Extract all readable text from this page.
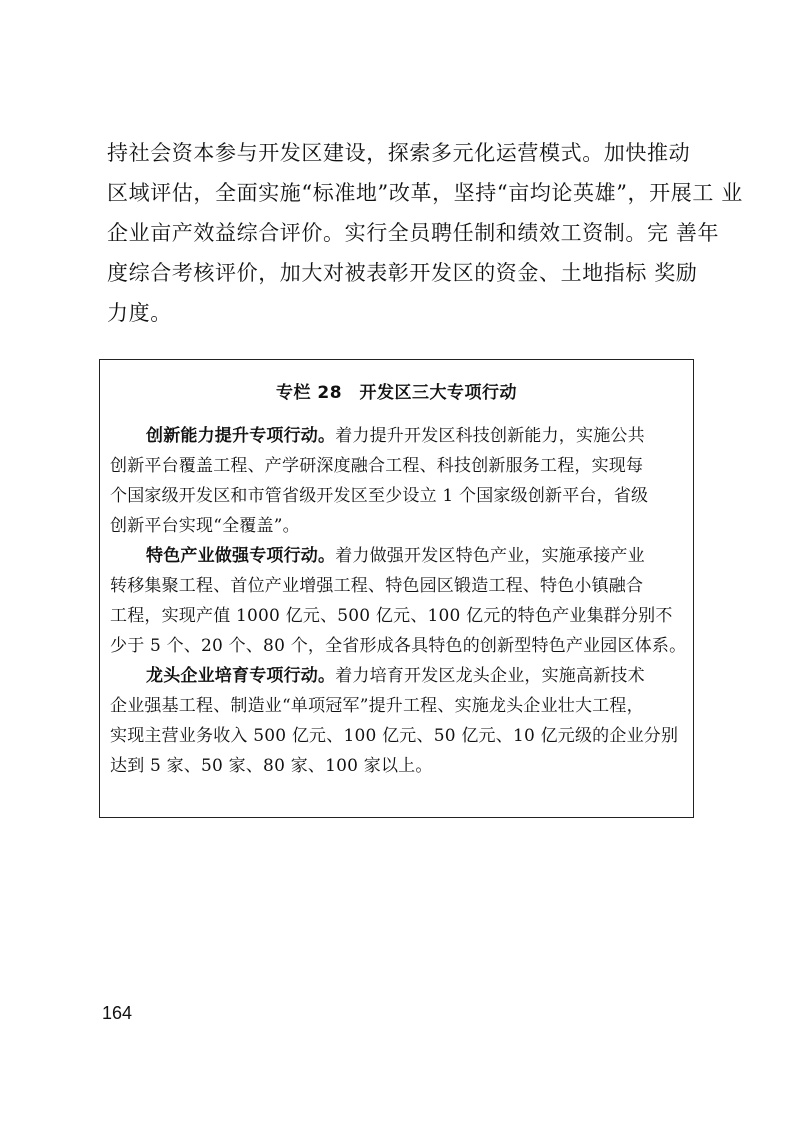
持社会资本参与开发区建设，探索多元化运营模式。加快推动
区域评估，全面实施“标准地”改革，坚持“亩均论英雄”，开展工 业
企业亩产效益综合评价。实行全员聘任制和绩效工资制。完 善年
度综合考核评价，加大对被表彰开发区的资金、土地指标 奖励
力度。
专栏 28　开发区三大专项行动
创新能力提升专项行动。着力提升开发区科技创新能力，实施公共
创新平台覆盖工程、产学研深度融合工程、科技创新服务工程，实现每
个国家级开发区和市管省级开发区至少设立 1 个国家级创新平台，省级
创新平台实现“全覆盖”。
特色产业做强专项行动。着力做强开发区特色产业，实施承接产业
转移集聚工程、首位产业增强工程、特色园区锻造工程、特色小镇融合
工程，实现产值 1000 亿元、500 亿元、100 亿元的特色产业集群分别不
少于 5 个、20 个、80 个，全省形成各具特色的创新型特色产业园区体系。
龙头企业培育专项行动。着力培育开发区龙头企业，实施高新技术
企业强基工程、制造业“单项冠军”提升工程、实施龙头企业壮大工程，
实现主营业务收入 500 亿元、100 亿元、50 亿元、10 亿元级的企业分别
达到 5 家、50 家、80 家、100 家以上。
164
